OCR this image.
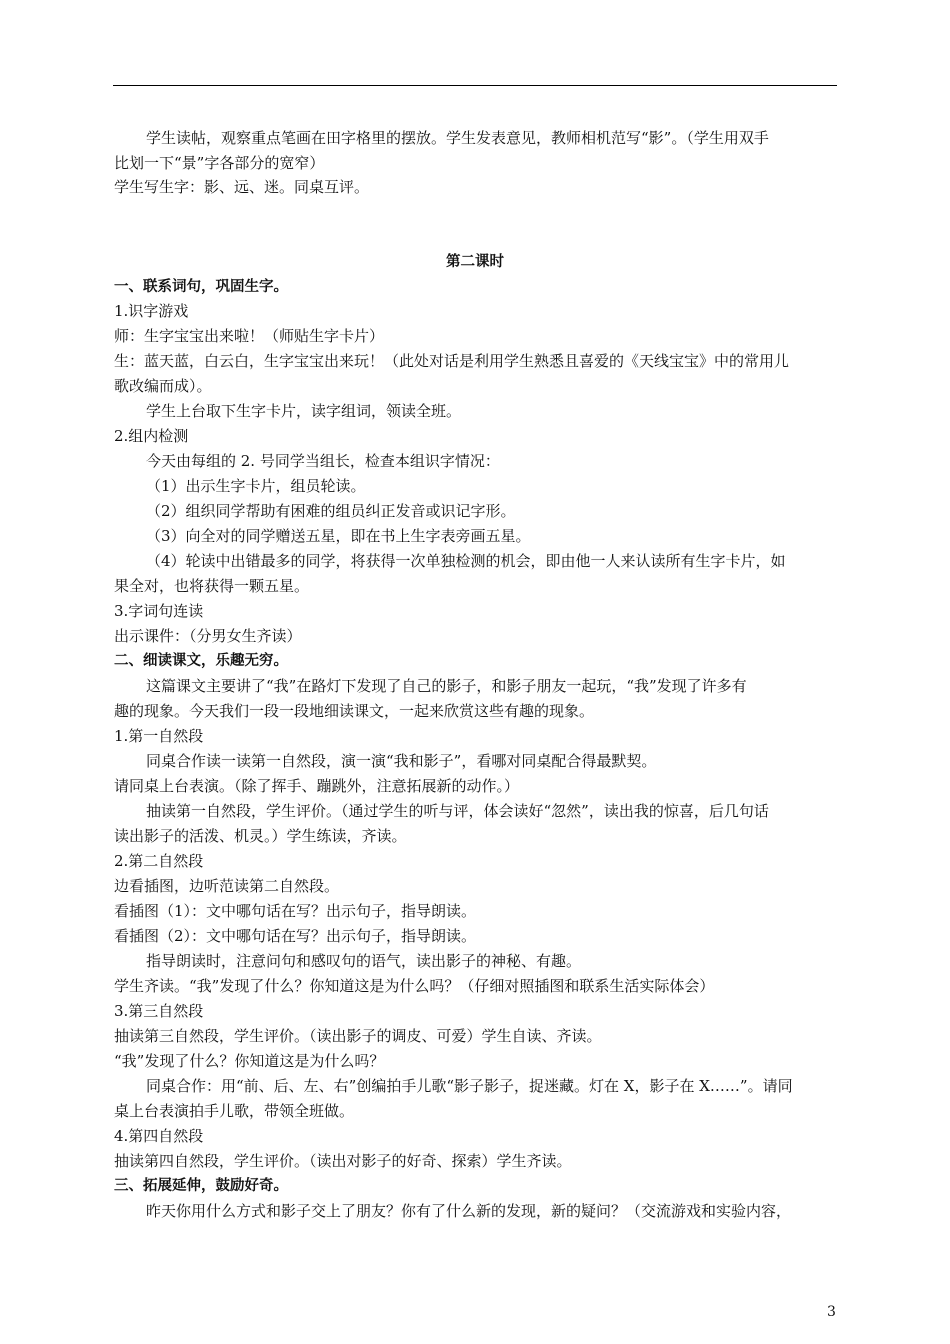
学生读帖，观察重点笔画在田字格里的摆放。学生发表意见，教师相机范写“影”。（学生用双手
比划一下“景”字各部分的宽窄）
学生写生字：影、远、迷。同桌互评。
第二课时
一、联系词句，巩固生字。
1.识字游戏
师：生字宝宝出来啦！（师贴生字卡片）
生：蓝天蓝，白云白，生字宝宝出来玩！（此处对话是利用学生熟悉且喜爱的《天线宝宝》中的常用儿
歌改编而成）。
学生上台取下生字卡片，读字组词，领读全班。
2.组内检测
今天由每组的 2. 号同学当组长，检查本组识字情况：
（1）出示生字卡片，组员轮读。
（2）组织同学帮助有困难的组员纠正发音或识记字形。
（3）向全对的同学赠送五星，即在书上生字表旁画五星。
（4）轮读中出错最多的同学，将获得一次单独检测的机会，即由他一人来认读所有生字卡片，如
果全对，也将获得一颗五星。
3.字词句连读
出示课件：（分男女生齐读）
二、细读课文，乐趣无穷。
这篇课文主要讲了“我”在路灯下发现了自己的影子，和影子朋友一起玩，“我”发现了许多有
趣的现象。今天我们一段一段地细读课文，一起来欣赏这些有趣的现象。
1.第一自然段
同桌合作读一读第一自然段，演一演“我和影子”，看哪对同桌配合得最默契。
请同桌上台表演。（除了挥手、蹦跳外，注意拓展新的动作。）
抽读第一自然段，学生评价。（通过学生的听与评，体会读好“忽然”，读出我的惊喜，后几句话
读出影子的活泼、机灵。）学生练读，齐读。
2.第二自然段
边看插图，边听范读第二自然段。
看插图（1）：文中哪句话在写？出示句子，指导朗读。
看插图（2）：文中哪句话在写？出示句子，指导朗读。
指导朗读时，注意问句和感叹句的语气，读出影子的神秘、有趣。
学生齐读。“我”发现了什么？你知道这是为什么吗？（仔细对照插图和联系生活实际体会）
3.第三自然段
抽读第三自然段，学生评价。（读出影子的调皮、可爱）学生自读、齐读。
“我”发现了什么？你知道这是为什么吗？
同桌合作：用“前、后、左、右”创编拍手儿歌“影子影子，捉迷藏。灯在 X，影子在 X……”。请同
桌上台表演拍手儿歌，带领全班做。
4.第四自然段
抽读第四自然段，学生评价。（读出对影子的好奇、探索）学生齐读。
三、拓展延伸，鼓励好奇。
昨天你用什么方式和影子交上了朋友？你有了什么新的发现，新的疑问？（交流游戏和实验内容，
3
